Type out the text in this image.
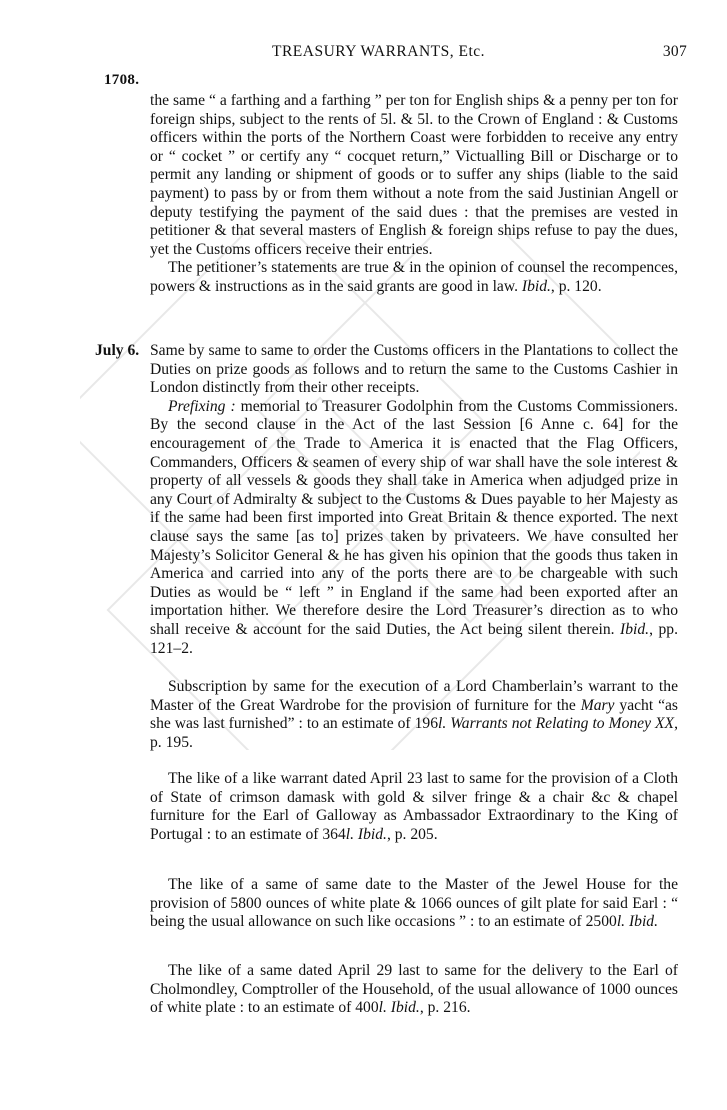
1708.
TREASURY WARRANTS, Etc.	307

the same “ a farthing and a farthing ” per ton for English ships & a penny per ton for foreign ships, subject to the rents of 5l. & 5l. to the Crown of England : & Customs officers within the ports of the Northern Coast were forbidden to receive any entry or “ cocket ” or certify any “ cocquet return,” Victualling Bill or Discharge or to permit any landing or shipment of goods or to suffer any ships (liable to the said payment) to pass by or from them without a note from the said Justinian Angell or deputy testifying the payment of the said dues : that the premises are vested in petitioner & that several masters of English & foreign ships refuse to pay the dues, yet the Customs officers receive their entries.

The petitioner’s statements are true & in the opinion of counsel the recompences, powers & instructions as in the said grants are good in law. Ibid., p. 120.

July 6. Same by same to same to order the Customs officers in the Plantations to collect the Duties on prize goods as follows and to return the same to the Customs Cashier in London distinctly from their other receipts.

Prefixing : memorial to Treasurer Godolphin from the Customs Commissioners. By the second clause in the Act of the last Session [6 Anne c. 64] for the encouragement of the Trade to America it is enacted that the Flag Officers, Commanders, Officers & seamen of every ship of war shall have the sole interest & property of all vessels & goods they shall take in America when adjudged prize in any Court of Admiralty & subject to the Customs & Dues payable to her Majesty as if the same had been first imported into Great Britain & thence exported. The next clause says the same [as to] prizes taken by privateers. We have consulted her Majesty’s Solicitor General & he has given his opinion that the goods thus taken in America and carried into any of the ports there are to be chargeable with such Duties as would be “ left ” in England if the same had been exported after an importation hither. We therefore desire the Lord Treasurer’s direction as to who shall receive & account for the said Duties, the Act being silent therein. Ibid., pp. 121–2.

Subscription by same for the execution of a Lord Chamberlain’s warrant to the Master of the Great Wardrobe for the provision of furniture for the Mary yacht “as she was last furnished” : to an estimate of 196l. Warrants not Relating to Money XX, p. 195.

The like of a like warrant dated April 23 last to same for the provision of a Cloth of State of crimson damask with gold & silver fringe & a chair &c & chapel furniture for the Earl of Galloway as Ambassador Extraordinary to the King of Portugal : to an estimate of 364l. Ibid., p. 205.

The like of a same of same date to the Master of the Jewel House for the provision of 5800 ounces of white plate & 1066 ounces of gilt plate for said Earl : “ being the usual allowance on such like occasions ” : to an estimate of 2500l. Ibid.

The like of a same dated April 29 last to same for the delivery to the Earl of Cholmondley, Comptroller of the Household, of the usual allowance of 1000 ounces of white plate : to an estimate of 400l. Ibid., p. 216.
